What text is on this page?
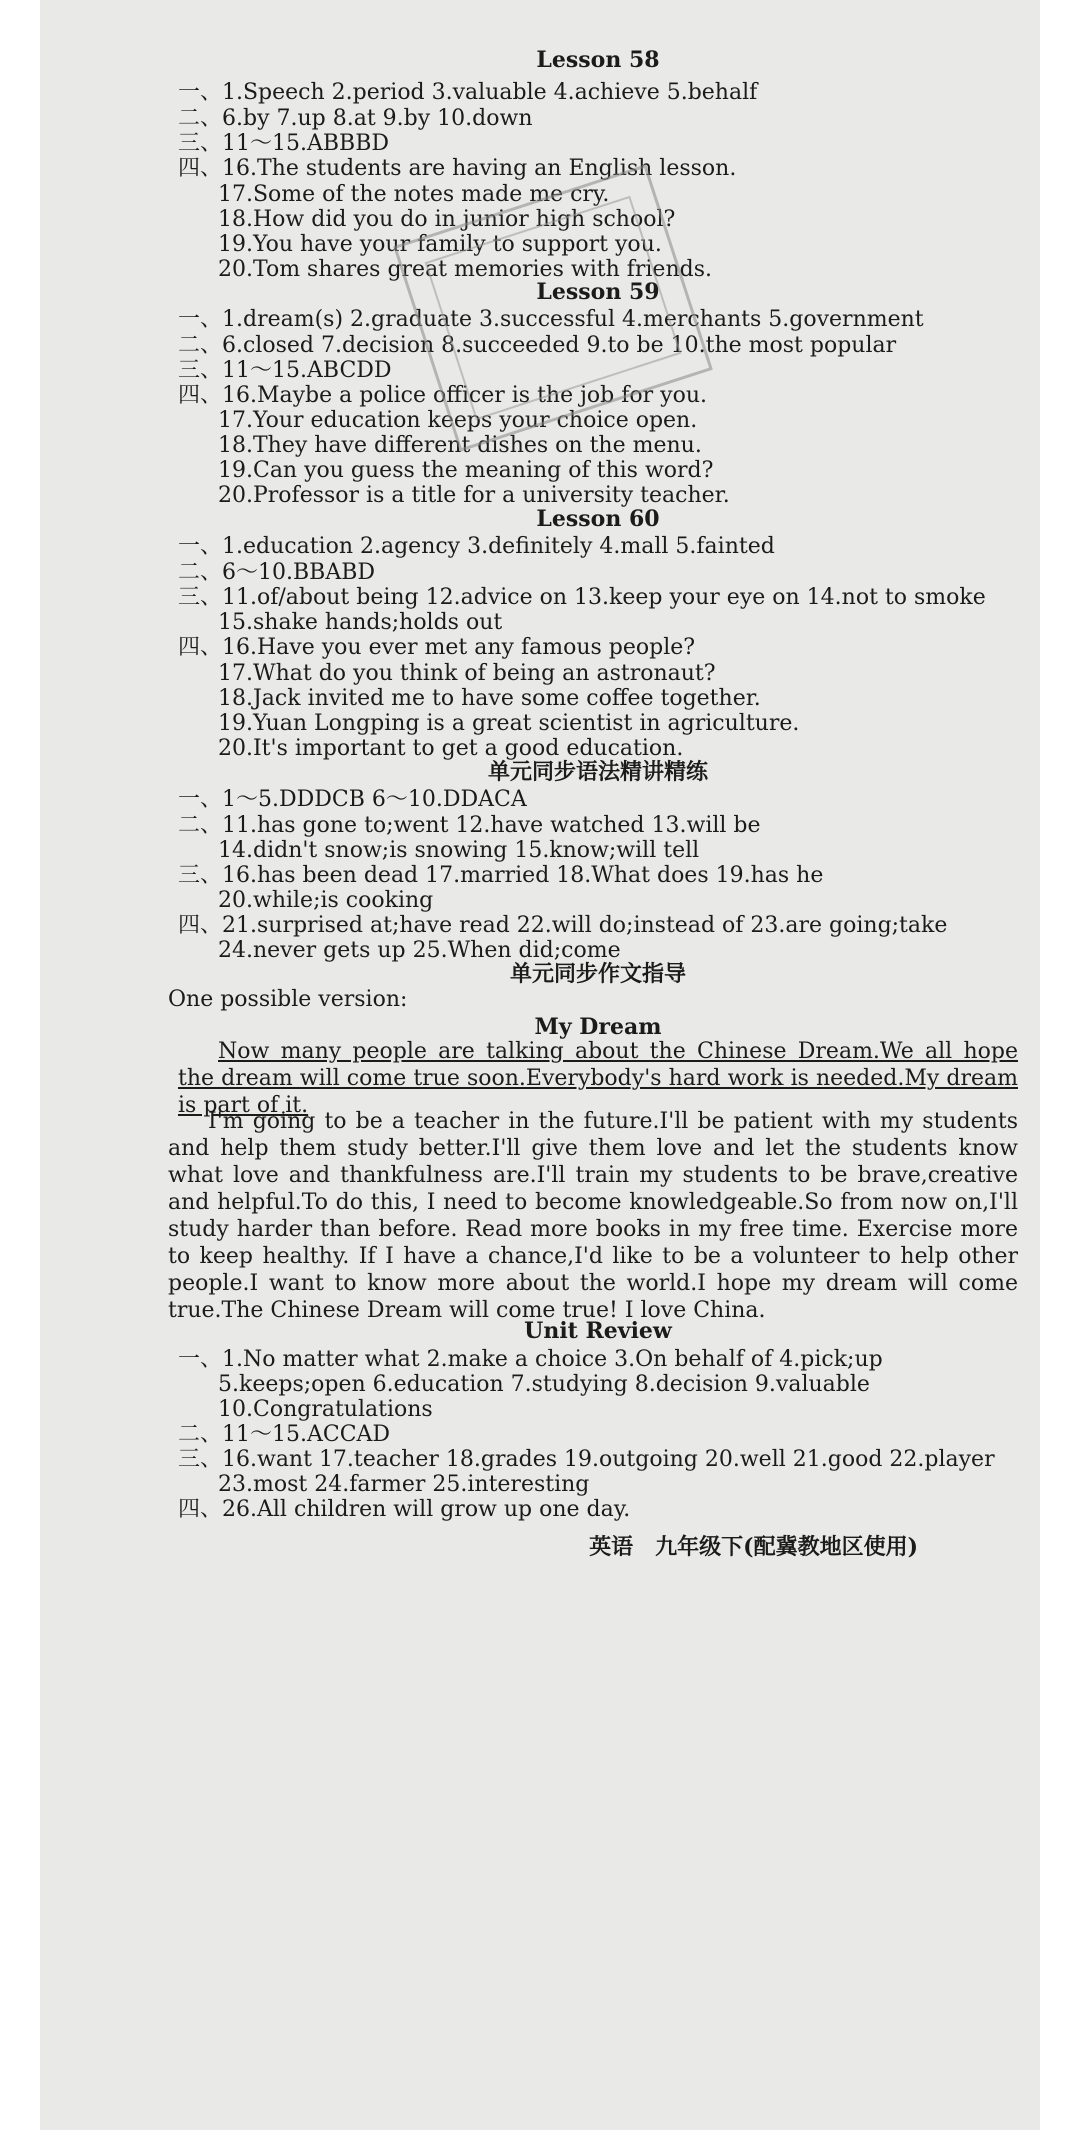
Lesson 58
一、1.Speech 2.period 3.valuable 4.achieve 5.behalf
二、6.by 7.up 8.at 9.by 10.down
三、11～15.ABBBD
四、16.The students are having an English lesson.
17.Some of the notes made me cry.
18.How did you do in junior high school?
19.You have your family to support you.
20.Tom shares great memories with friends.
Lesson 59
一、1.dream(s) 2.graduate 3.successful 4.merchants 5.government
二、6.closed 7.decision 8.succeeded 9.to be 10.the most popular
三、11～15.ABCDD
四、16.Maybe a police officer is the job for you.
17.Your education keeps your choice open.
18.They have different dishes on the menu.
19.Can you guess the meaning of this word?
20.Professor is a title for a university teacher.
Lesson 60
一、1.education 2.agency 3.definitely 4.mall 5.fainted
二、6～10.BBABD
三、11.of/about being 12.advice on 13.keep your eye on 14.not to smoke
15.shake hands;holds out
四、16.Have you ever met any famous people?
17.What do you think of being an astronaut?
18.Jack invited me to have some coffee together.
19.Yuan Longping is a great scientist in agriculture.
20.It's important to get a good education.
单元同步语法精讲精练
一、1～5.DDDCB 6～10.DDACA
二、11.has gone to;went 12.have watched 13.will be
14.didn't snow;is snowing 15.know;will tell
三、16.has been dead 17.married 18.What does 19.has he
20.while;is cooking
四、21.surprised at;have read 22.will do;instead of 23.are going;take
24.never gets up 25.When did;come
单元同步作文指导
One possible version:
My Dream
Now many people are talking about the Chinese Dream.We all hope the dream will come true soon.Everybody's hard work is needed.My dream is part of it.
I'm going to be a teacher in the future.I'll be patient with my students and help them study better.I'll give them love and let the students know what love and thankfulness are.I'll train my students to be brave,creative and helpful.To do this, I need to become knowledgeable.So from now on,I'll study harder than before. Read more books in my free time. Exercise more to keep healthy. If I have a chance,I'd like to be a volunteer to help other people.I want to know more about the world.I hope my dream will come true.The Chinese Dream will come true! I love China.
Unit Review
一、1.No matter what 2.make a choice 3.On behalf of 4.pick;up
5.keeps;open 6.education 7.studying 8.decision 9.valuable
10.Congratulations
二、11～15.ACCAD
三、16.want 17.teacher 18.grades 19.outgoing 20.well 21.good 22.player
23.most 24.farmer 25.interesting
四、26.All children will grow up one day.
英语　九年级下(配冀教地区使用)
